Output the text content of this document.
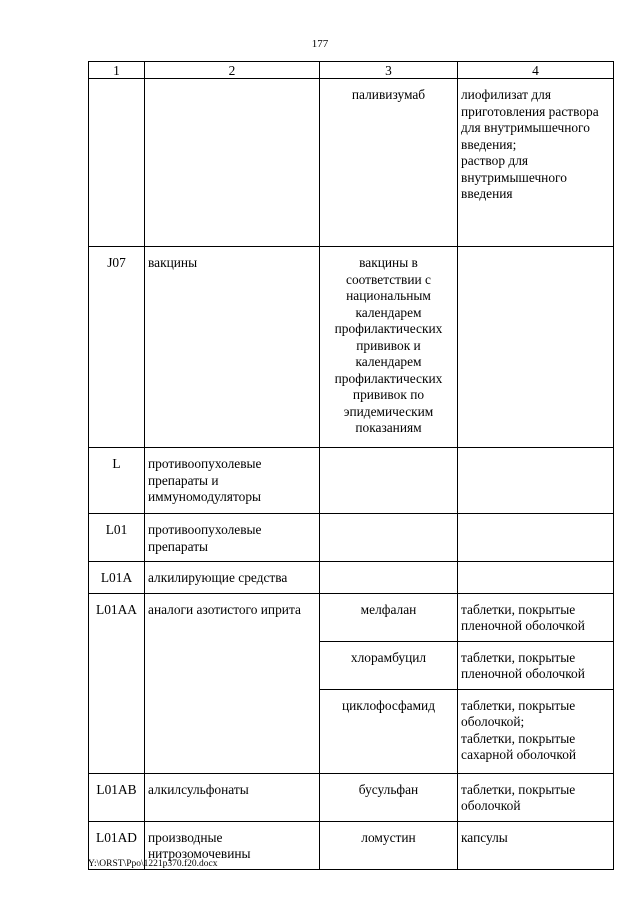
177
1	2	3	4
		паливизумаб	лиофилизат для приготовления раствора для внутримышечного введения;
раствор для внутримышечного введения

J07	вакцины	вакцины в соответствии с национальным календарем профилактических прививок и календарем профилактических прививок по эпидемическим показаниям	
L	противоопухолевые препараты и иммуномодуляторы		
L01	противоопухолевые препараты		
L01A	алкилирующие средства		
L01AA	аналоги азотистого иприта	мелфалан	таблетки, покрытые пленочной оболочкой
		хлорамбуцил	таблетки, покрытые пленочной оболочкой
		циклофосфамид	таблетки, покрытые оболочкой;
таблетки, покрытые сахарной оболочкой

L01AB	алкилсульфонаты	бусульфан	таблетки, покрытые оболочкой
L01AD	производные нитрозомочевины	ломустин	капсулы
Y:\ORST\Ppo\1221p370.f20.docx
